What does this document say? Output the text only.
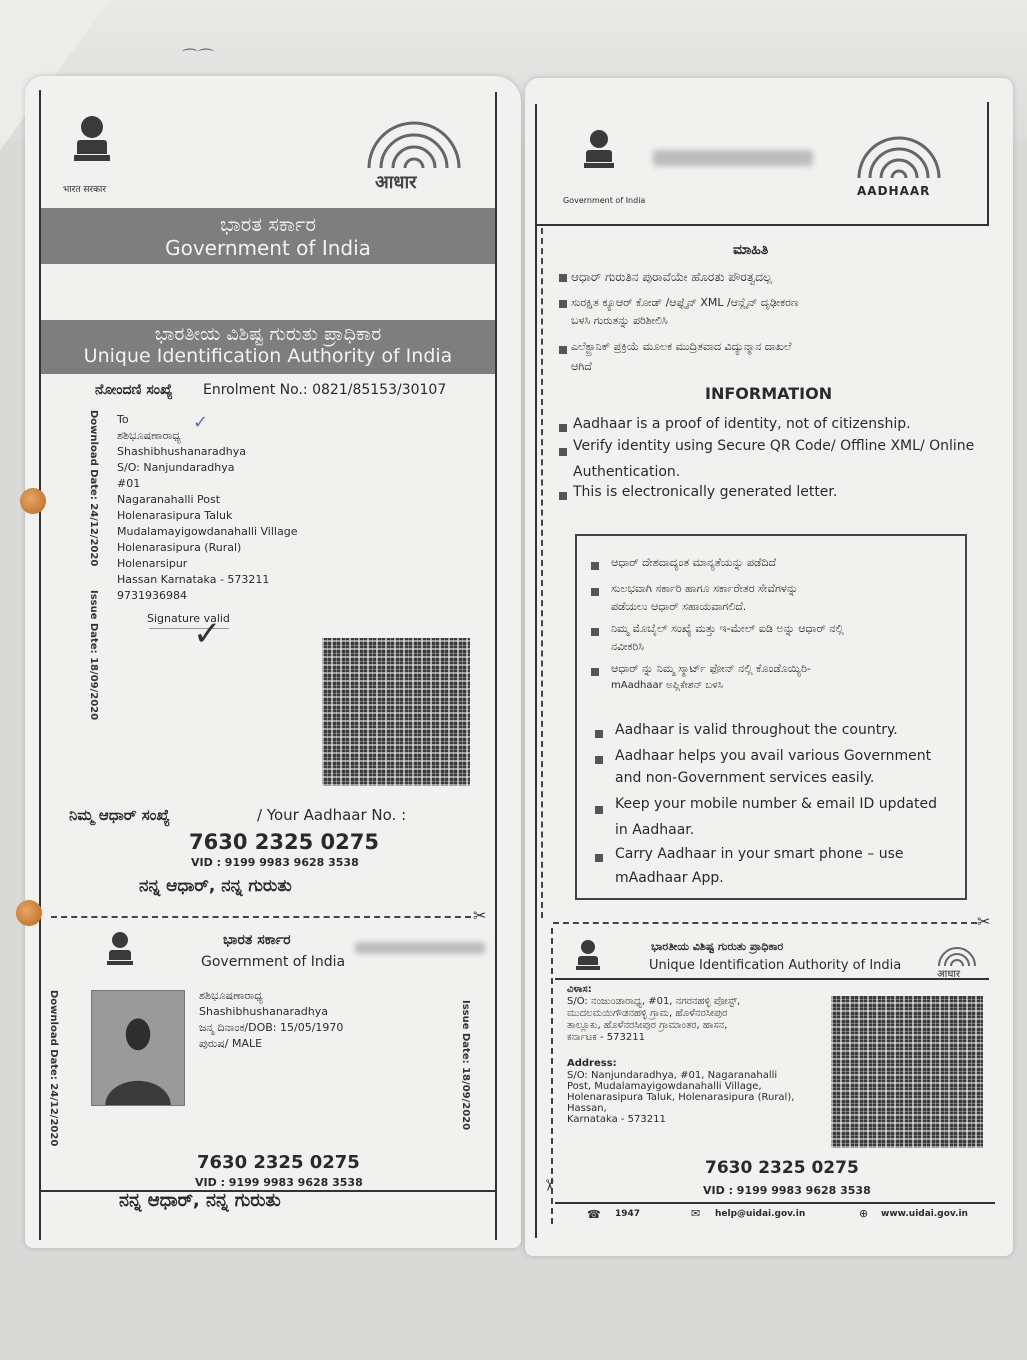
⌒⌒
भारत सरकार	आधार
ಭಾರತ ಸರ್ಕಾರ
Government of India
ಭಾರತೀಯ ವಿಶಿಷ್ಟ ಗುರುತು ಪ್ರಾಧಿಕಾರ
Unique Identification Authority of India
ನೋಂದಣಿ ಸಂಖ್ಯೆ Enrolment No.: 0821/85153/30107
Download Date: 24/12/2020
Issue Date: 18/09/2020
To
ಶಶಿಭೂಷಣಾರಾಧ್ಯ
Shashibhushanaradhya
S/O: Nanjundaradhya
#01
Nagaranahalli Post
Holenarasipura Taluk
Mudalamayigowdanahalli Village
Holenarasipura (Rural)
Holenarsipur
Hassan Karnataka - 573211
9731936984
✓
Signature valid
✓
ನಿಮ್ಮ ಆಧಾರ್ ಸಂಖ್ಯೆ	/ Your Aadhaar No. :
7630 2325 0275
VID : 9199 9983 9628 3538
ನನ್ನ ಆಧಾರ್, ನನ್ನ ಗುರುತು
✂
ಭಾರತ ಸರ್ಕಾರ
Government of India
Download Date: 24/12/2020	Issue Date: 18/09/2020
ಶಶಿಭೂಷಣಾರಾಧ್ಯ
Shashibhushanaradhya
ಜನ್ಮ ದಿನಾಂಕ/DOB: 15/05/1970
ಪುರುಷ/ MALE
7630 2325 0275
VID : 9199 9983 9628 3538
ನನ್ನ ಆಧಾರ್, ನನ್ನ ಗುರುತು
Government of India
AADHAAR
ಮಾಹಿತಿ
ಆಧಾರ್ ಗುರುತಿನ ಪುರಾವೆಯೇ ಹೊರತು ಪೌರತ್ವದಲ್ಲ
ಸುರಕ್ಷಿತ ಕ್ಯೂಆರ್ ಕೋಡ್ /ಆಫ್ಲೈನ್ XML /ಆನ್ಲೈನ್ ದೃಢೀಕರಣ
ಬಳಸಿ ಗುರುತನ್ನು ಪರಿಶೀಲಿಸಿ
ಎಲೆಕ್ಟ್ರಾನಿಕ್ ಪ್ರಕ್ರಿಯೆ ಮೂಲಕ ಮುದ್ರಿತವಾದ ವಿದ್ಯುನ್ಮಾನ ದಾಖಲೆ
ಆಗಿದೆ
INFORMATION
Aadhaar is a proof of identity, not of citizenship.
Verify identity using Secure QR Code/ Offline XML/ Online
Authentication.
This is electronically generated letter.
ಆಧಾರ್ ದೇಶದಾದ್ಯಂತ ಮಾನ್ಯತೆಯನ್ನು ಪಡೆದಿದೆ
ಸುಲಭವಾಗಿ ಸರ್ಕಾರಿ ಹಾಗೂ ಸರ್ಕಾರೇತರ ಸೇವೆಗಳನ್ನು
ಪಡೆಯಲು ಆಧಾರ್ ಸಹಾಯವಾಗಲಿದೆ.
ನಿಮ್ಮ ಮೊಬೈಲ್ ಸಂಖ್ಯೆ ಮತ್ತು ಇ-ಮೇಲ್ ಐಡಿ ಅನ್ನು ಆಧಾರ್ ನಲ್ಲಿ
ನವೀಕರಿಸಿ
ಆಧಾರ್ ನ್ನು ನಿಮ್ಮ ಸ್ಮಾರ್ಟ್ ಫೋನ್ ನಲ್ಲಿ ಕೊಂಡೊಯ್ಯಿರಿ-
mAadhaar ಅಪ್ಲಿಕೇಶನ್ ಬಳಸಿ
Aadhaar is valid throughout the country.
Aadhaar helps you avail various Government
and non-Government services easily.
Keep your mobile number & email ID updated
in Aadhaar.
Carry Aadhaar in your smart phone – use
mAadhaar App.
✂
✂
ಭಾರತೀಯ ವಿಶಿಷ್ಟ ಗುರುತು ಪ್ರಾಧಿಕಾರ
Unique Identification Authority of India
आधार
ವಿಳಾಸ:
S/O: ನಂಜುಂಡಾರಾಧ್ಯ, #01, ನಗರನಹಳ್ಳಿ ಪೋಸ್ಟ್,
ಮುದಲಮಯಿಗೌಡನಹಳ್ಳಿ ಗ್ರಾಮ, ಹೊಳೆನರಸೀಪುರ
ತಾಲ್ಲೂಕು, ಹೊಳೆನರಸೀಪುರ ಗ್ರಾಮಾಂತರ, ಹಾಸನ,
ಕರ್ನಾಟಕ - 573211
Address:
S/O: Nanjundaradhya, #01, Nagaranahalli
Post, Mudalamayigowdanahalli Village,
Holenarasipura Taluk, Holenarasipura (Rural),
Hassan,
Karnataka - 573211
7630 2325 0275
VID : 9199 9983 9628 3538
☎ 1947	✉ help@uidai.gov.in	⊕ www.uidai.gov.in
